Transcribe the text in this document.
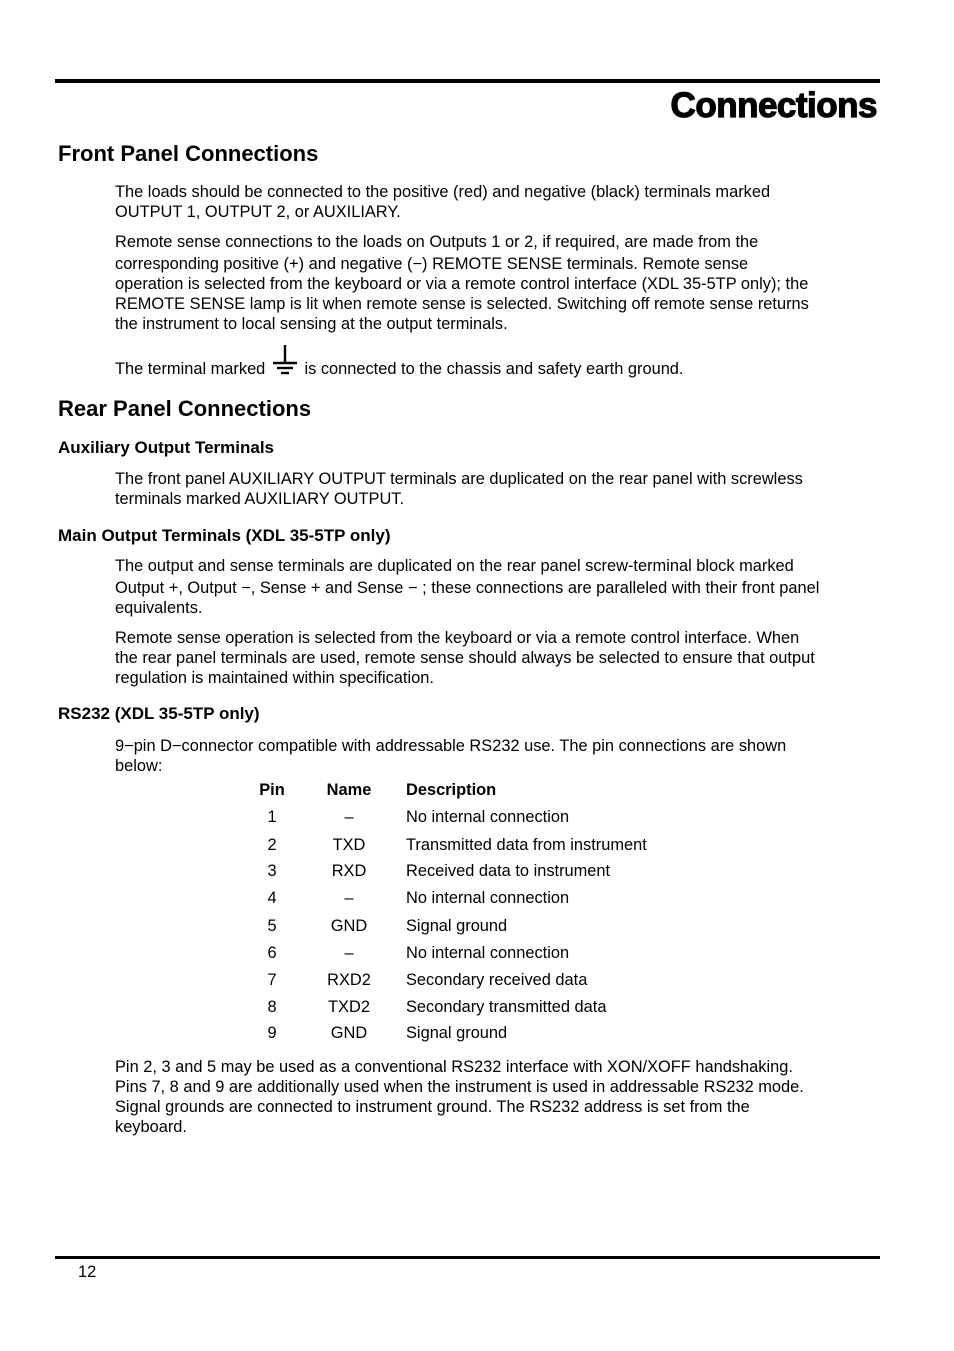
Connections
Front Panel Connections
The loads should be connected to the positive (red) and negative (black) terminals marked
OUTPUT 1, OUTPUT 2, or AUXILIARY.
Remote sense connections to the loads on Outputs 1 or 2, if required, are made from the
corresponding positive (+) and negative (−) REMOTE SENSE terminals. Remote sense
operation is selected from the keyboard or via a remote control interface (XDL 35-5TP only); the
REMOTE SENSE lamp is lit when remote sense is selected. Switching off remote sense returns
the instrument to local sensing at the output terminals.
The front panel AUXILIARY OUTPUT terminals are duplicated on the rear panel with screwless
terminals marked AUXILIARY OUTPUT.
The output and sense terminals are duplicated on the rear panel screw-terminal block marked
Output +, Output −, Sense + and Sense − ; these connections are paralleled with their front panel
equivalents.
Remote sense operation is selected from the keyboard or via a remote control interface. When
the rear panel terminals are used, remote sense should always be selected to ensure that output
regulation is maintained within specification.
9−pin D−connector compatible with addressable RS232 use. The pin connections are shown
below:
Pin 2, 3 and 5 may be used as a conventional RS232 interface with XON/XOFF handshaking.
Pins 7, 8 and 9 are additionally used when the instrument is used in addressable RS232 mode.
Signal grounds are connected to instrument ground. The RS232 address is set from the
keyboard.
The terminal marked is connected to the chassis and safety earth ground.
Rear Panel Connections
Auxiliary Output Terminals
Main Output Terminals (XDL 35-5TP only)
RS232 (XDL 35-5TP only)
Pin	Name Description
1	–	No internal connection
2	TXD Transmitted data from instrument
3	RXD Received data to instrument
4	–	No internal connection
5	GND Signal ground
6	–	No internal connection
7	RXD2 Secondary received data
8	TXD2 Secondary transmitted data
9	GND Signal ground
12
